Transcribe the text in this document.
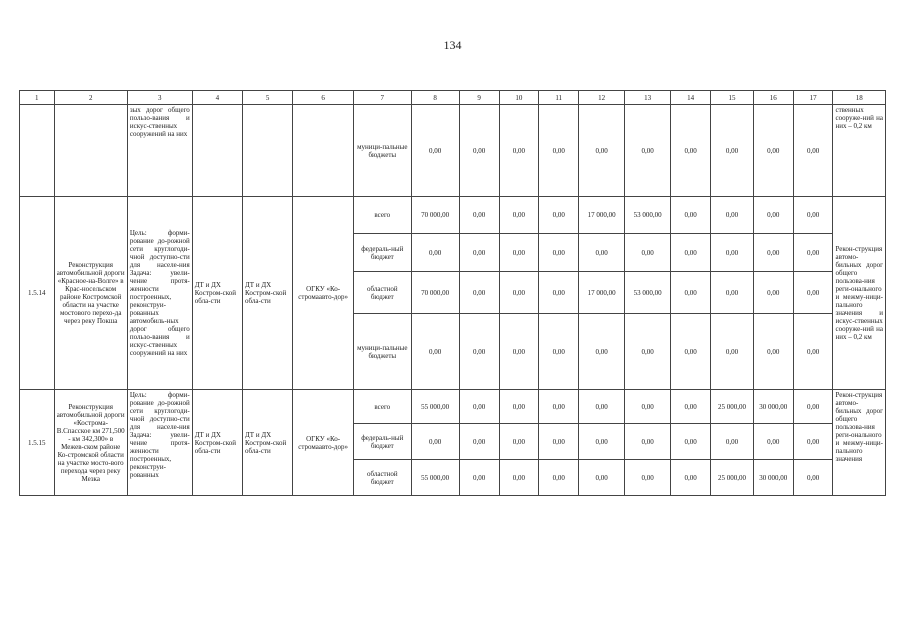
134
1	2	3	4	5	6	7	8	9	10	11	12	13	14	15	16	17	18
		зых дорог общего пользо-вания и искус-ственных сооружений на них				муници-пальные бюджеты	0,00	0,00	0,00	0,00	0,00	0,00	0,00	0,00	0,00	0,00	ственных сооруже-ний на них – 0,2 км
1.5.14	Реконструкция автомобильной дороги «Красное-на-Волге» в Крас-носельском районе Костромской области на участке мостового перехо-да через реку Покша	Цель: форми-рование до-рожной сети круглогоди-чной доступно-сти для населе-ния Задача: увели-чение протя-женности построенных, реконструи-рованных автомобиль-ных дорог общего пользо-вания и искус-ственных сооружений на них	ДТ и ДХ Костром-ской обла-сти	ДТ и ДХ Костром-ской обла-сти	ОГКУ «Ко-стромаавто-дор»	всего	70 000,00	0,00	0,00	0,00	17 000,00	53 000,00	0,00	0,00	0,00	0,00	Рекон-струкция автомо-бильных дорог общего пользова-ния реги-онального и межму-ници-пального значения и искус-ственных сооруже-ний на них – 0,2 км
						федераль-ный бюджет	0,00	0,00	0,00	0,00	0,00	0,00	0,00	0,00	0,00	0,00	
						областной бюджет	70 000,00	0,00	0,00	0,00	17 000,00	53 000,00	0,00	0,00	0,00	0,00	
						муници-пальные бюджеты	0,00	0,00	0,00	0,00	0,00	0,00	0,00	0,00	0,00	0,00	
1.5.15	Реконструкция автомобильной дороги «Кострома-В.Спасское км 271,500 - км 342,300» в Межев-ском районе Ко-стромской области на участке мосто-вого перехода через реку Мезка	Цель: форми-рование до-рожной сети круглогоди-чной доступно-сти для населе-ния Задача: увели-чение протя-женности построенных, реконструи-рованных	ДТ и ДХ Костром-ской обла-сти	ДТ и ДХ Костром-ской обла-сти	ОГКУ «Ко-стромаавто-дор»	всего	55 000,00	0,00	0,00	0,00	0,00	0,00	0,00	25 000,00	30 000,00	0,00	Рекон-струкция автомо-бильных дорог общего пользова-ния реги-онального и межму-ници-пального значения
						федераль-ный бюджет	0,00	0,00	0,00	0,00	0,00	0,00	0,00	0,00	0,00	0,00	
						областной бюджет	55 000,00	0,00	0,00	0,00	0,00	0,00	0,00	25 000,00	30 000,00	0,00	
